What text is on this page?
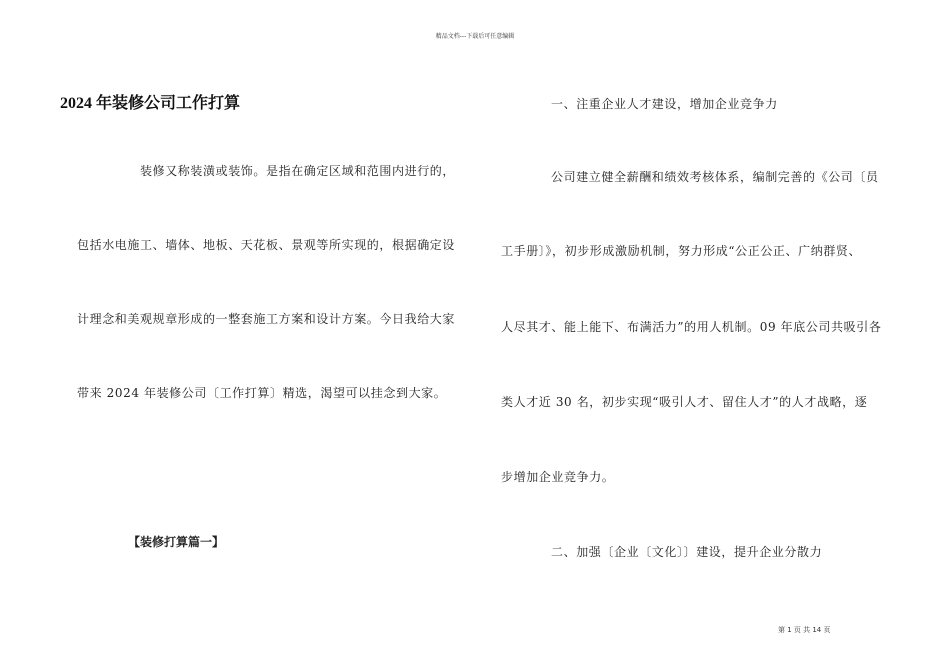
精品文档---下载后可任意编辑
2024 年装修公司工作打算
装修又称装潢或装饰。是指在确定区域和范围内进行的，
包括水电施工、墙体、地板、天花板、景观等所实现的，根据确定设
计理念和美观规章形成的一整套施工方案和设计方案。今日我给大家
带来 2024 年装修公司〔工作打算〕精选，渴望可以挂念到大家。
【装修打算篇一】
一、注重企业人才建设，增加企业竞争力
公司建立健全薪酬和绩效考核体系，编制完善的《公司〔员
工手册〕》，初步形成激励机制，努力形成“公正公正、广纳群贤、
人尽其才、能上能下、布满活力”的用人机制。09 年底公司共吸引各
类人才近 30 名，初步实现“吸引人才、留住人才”的人才战略，逐
步增加企业竞争力。
二、加强〔企业〔文化〕〕建设，提升企业分散力
第 1 页 共 14 页
